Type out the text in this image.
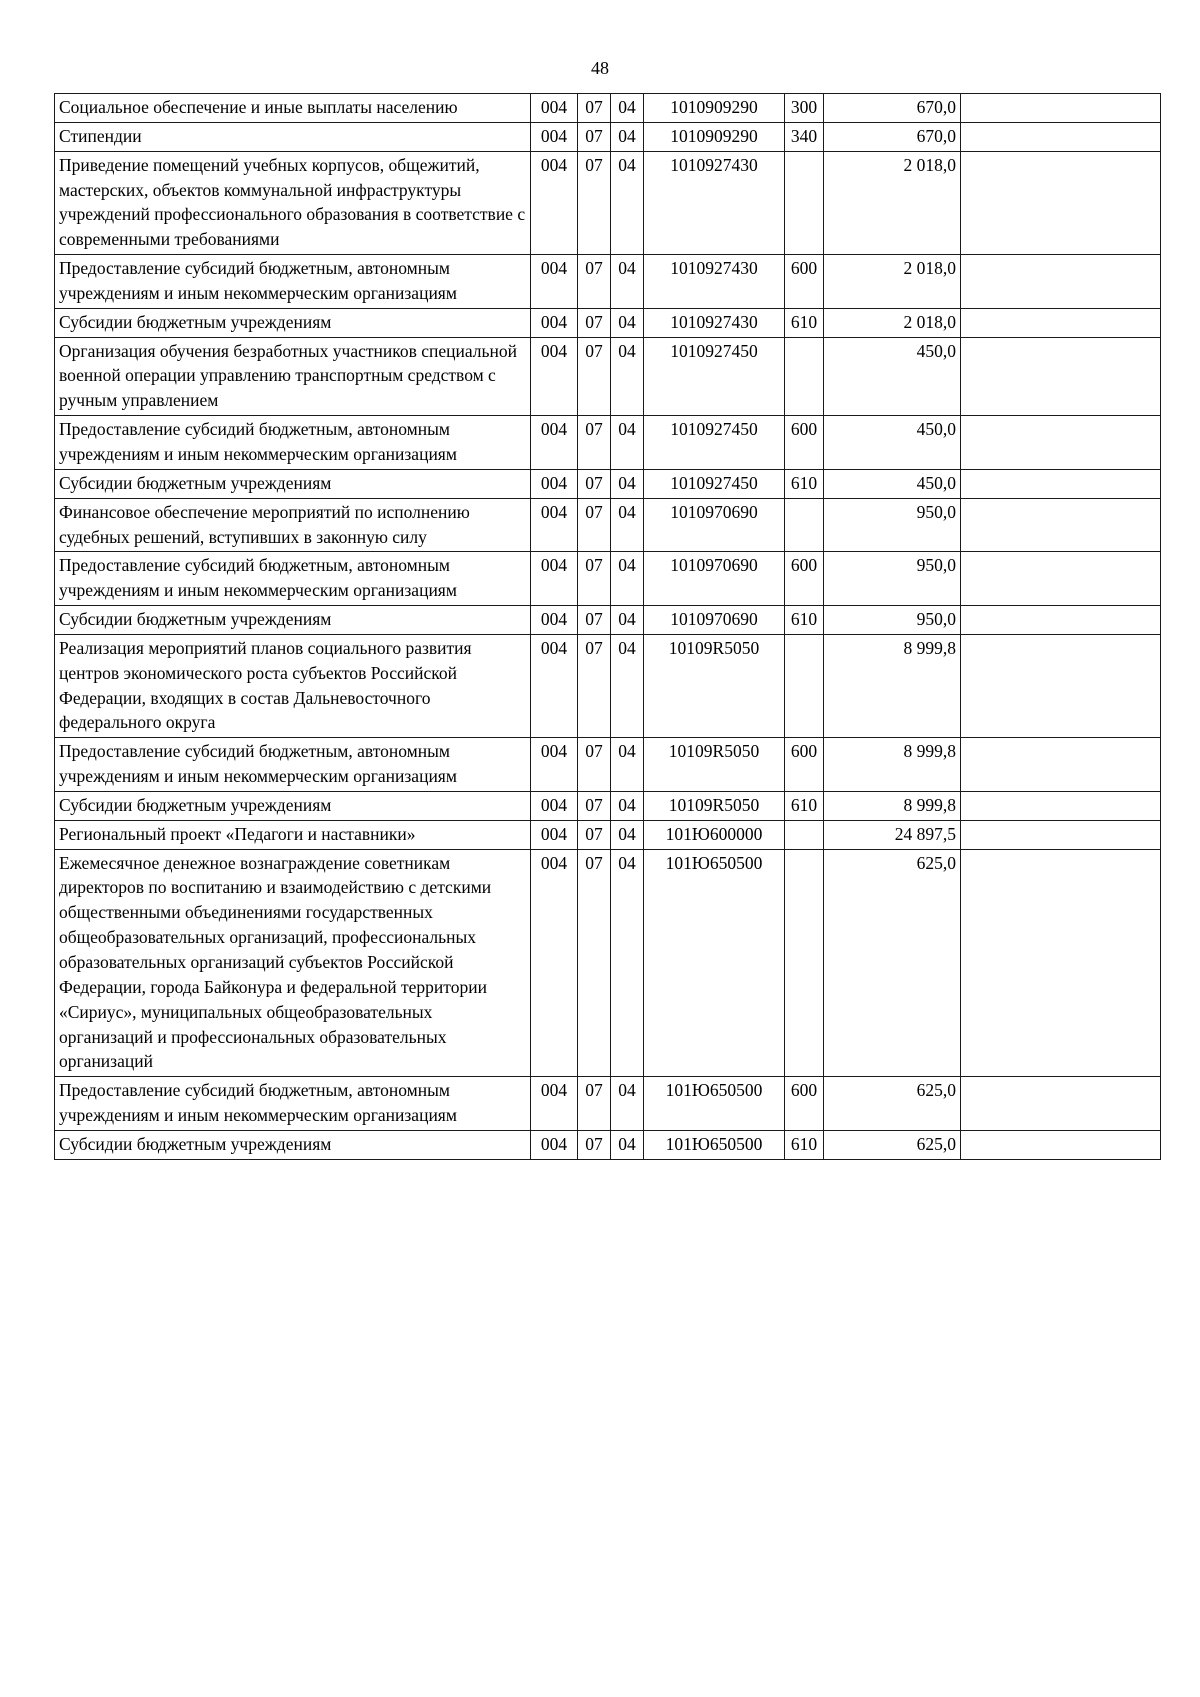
48
Социальное обеспечение и иные выплаты населению	004	07	04	1010909290	300	670,0	
Стипендии	004	07	04	1010909290	340	670,0	
Приведение помещений учебных корпусов, общежитий, мастерских, объектов коммунальной инфраструктуры учреждений профессионального образования в соответствие с современными требованиями	004	07	04	1010927430		2 018,0	
Предоставление субсидий бюджетным, автономным учреждениям и иным некоммерческим организациям	004	07	04	1010927430	600	2 018,0	
Субсидии бюджетным учреждениям	004	07	04	1010927430	610	2 018,0	
Организация обучения безработных участников специальной военной операции управлению транспортным средством с ручным управлением	004	07	04	1010927450		450,0	
Предоставление субсидий бюджетным, автономным учреждениям и иным некоммерческим организациям	004	07	04	1010927450	600	450,0	
Субсидии бюджетным учреждениям	004	07	04	1010927450	610	450,0	
Финансовое обеспечение мероприятий по исполнению судебных решений, вступивших в законную силу	004	07	04	1010970690		950,0	
Предоставление субсидий бюджетным, автономным учреждениям и иным некоммерческим организациям	004	07	04	1010970690	600	950,0	
Субсидии бюджетным учреждениям	004	07	04	1010970690	610	950,0	
Реализация мероприятий планов социального развития центров экономического роста субъектов Российской Федерации, входящих в состав Дальневосточного федерального округа	004	07	04	10109R5050		8 999,8	
Предоставление субсидий бюджетным, автономным учреждениям и иным некоммерческим организациям	004	07	04	10109R5050	600	8 999,8	
Субсидии бюджетным учреждениям	004	07	04	10109R5050	610	8 999,8	
Региональный проект «Педагоги и наставники»	004	07	04	101Ю600000		24 897,5	
Ежемесячное денежное вознаграждение советникам директоров по воспитанию и взаимодействию с детскими общественными объединениями государственных общеобразовательных организаций, профессиональных образовательных организаций субъектов Российской Федерации, города Байконура и федеральной территории «Сириус», муниципальных общеобразовательных организаций и профессиональных образовательных организаций	004	07	04	101Ю650500		625,0	
Предоставление субсидий бюджетным, автономным учреждениям и иным некоммерческим организациям	004	07	04	101Ю650500	600	625,0	
Субсидии бюджетным учреждениям	004	07	04	101Ю650500	610	625,0	
